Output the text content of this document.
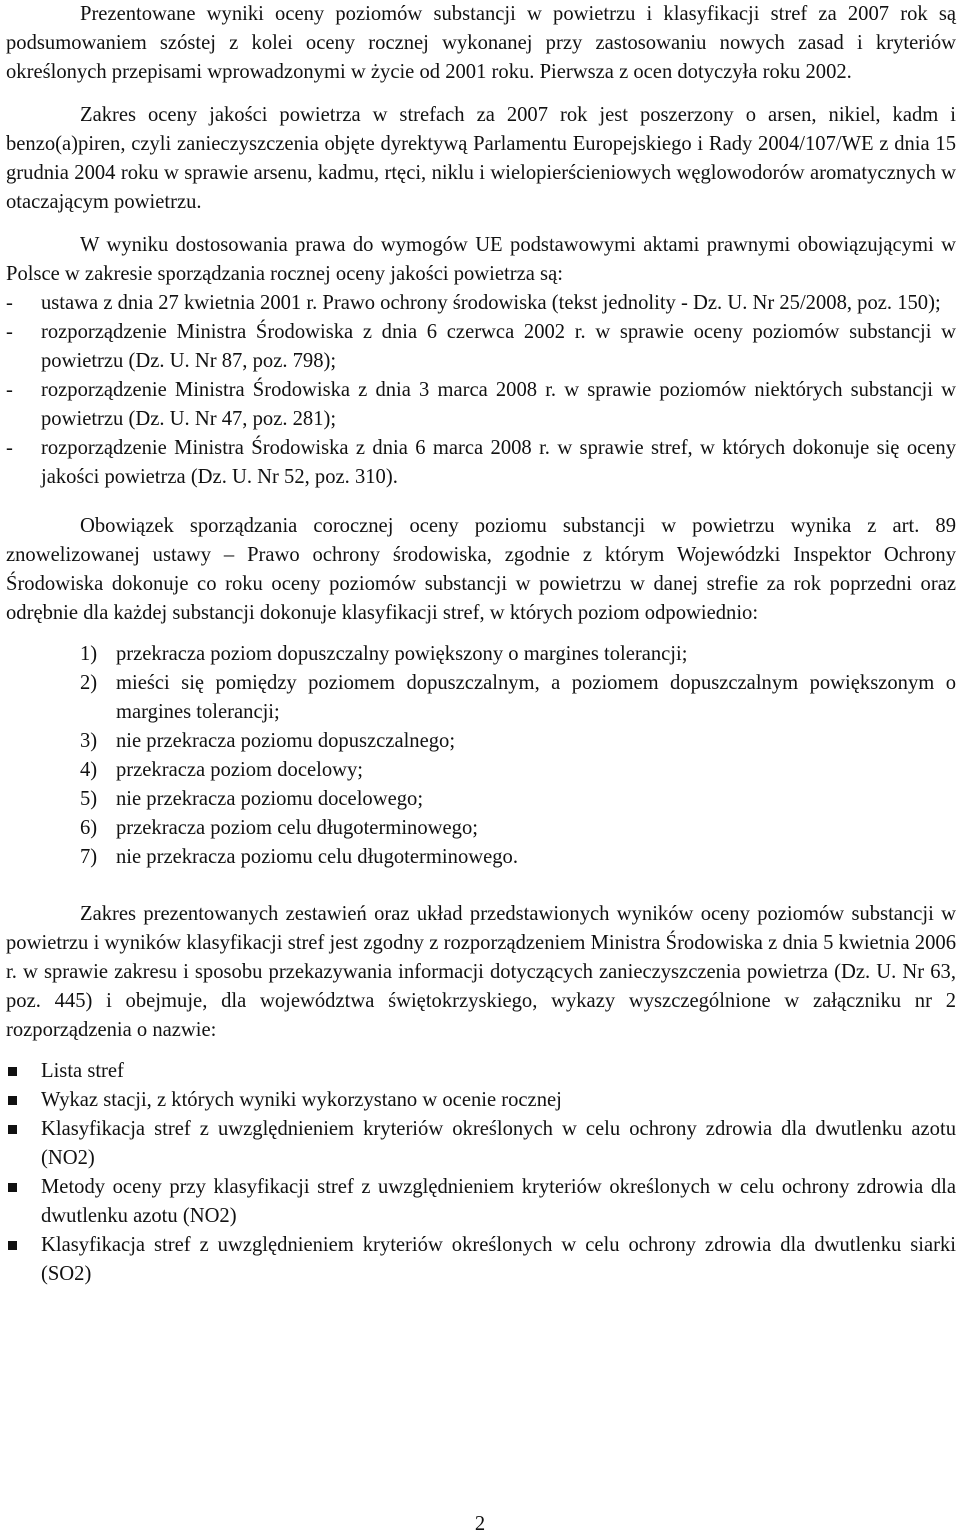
Prezentowane wyniki oceny poziomów substancji w powietrzu i klasyfikacji stref za 2007 rok są podsumowaniem szóstej z kolei oceny rocznej wykonanej przy zastosowaniu nowych zasad i kryteriów określonych przepisami wprowadzonymi w życie od 2001 roku. Pierwsza z ocen dotyczyła roku 2002.

Zakres oceny jakości powietrza w strefach za 2007 rok jest poszerzony o arsen, nikiel, kadm i benzo(a)piren, czyli zanieczyszczenia objęte dyrektywą Parlamentu Europejskiego i Rady 2004/107/WE z dnia 15 grudnia 2004 roku w sprawie arsenu, kadmu, rtęci, niklu i wielopierścieniowych węglowodorów aromatycznych w otaczającym powietrzu.

W wyniku dostosowania prawa do wymogów UE podstawowymi aktami prawnymi obowiązującymi w Polsce w zakresie sporządzania rocznej oceny jakości powietrza są:

- ustawa z dnia 27 kwietnia 2001 r. Prawo ochrony środowiska (tekst jednolity - Dz. U. Nr 25/2008, poz. 150);
- rozporządzenie Ministra Środowiska z dnia 6 czerwca 2002 r. w sprawie oceny poziomów substancji w powietrzu (Dz. U. Nr 87, poz. 798);
- rozporządzenie Ministra Środowiska z dnia 3 marca 2008 r. w sprawie poziomów niektórych substancji w powietrzu (Dz. U. Nr 47, poz. 281);
- rozporządzenie Ministra Środowiska z dnia 6 marca 2008 r. w sprawie stref, w których dokonuje się oceny jakości powietrza (Dz. U. Nr 52, poz. 310).

Obowiązek sporządzania corocznej oceny poziomu substancji w powietrzu wynika z art. 89 znowelizowanej ustawy – Prawo ochrony środowiska, zgodnie z którym Wojewódzki Inspektor Ochrony Środowiska dokonuje co roku oceny poziomów substancji w powietrzu w danej strefie za rok poprzedni oraz odrębnie dla każdej substancji dokonuje klasyfikacji stref, w których poziom odpowiednio:

1) przekracza poziom dopuszczalny powiększony o margines tolerancji;
2) mieści się pomiędzy poziomem dopuszczalnym, a poziomem dopuszczalnym powiększonym o margines tolerancji;
3) nie przekracza poziomu dopuszczalnego;
4) przekracza poziom docelowy;
5) nie przekracza poziomu docelowego;
6) przekracza poziom celu długoterminowego;
7) nie przekracza poziomu celu długoterminowego.

Zakres prezentowanych zestawień oraz układ przedstawionych wyników oceny poziomów substancji w powietrzu i wyników klasyfikacji stref jest zgodny z rozporządzeniem Ministra Środowiska z dnia 5 kwietnia 2006 r. w sprawie zakresu i sposobu przekazywania informacji dotyczących zanieczyszczenia powietrza (Dz. U. Nr 63, poz. 445) i obejmuje, dla województwa świętokrzyskiego, wykazy wyszczególnione w załączniku nr 2 rozporządzenia o nazwie:

Lista stref
Wykaz stacji, z których wyniki wykorzystano w ocenie rocznej
Klasyfikacja stref z uwzględnieniem kryteriów określonych w celu ochrony zdrowia dla dwutlenku azotu (NO2)
Metody oceny przy klasyfikacji stref z uwzględnieniem kryteriów określonych w celu ochrony zdrowia dla dwutlenku azotu (NO2)
Klasyfikacja stref z uwzględnieniem kryteriów określonych w celu ochrony zdrowia dla dwutlenku siarki (SO2)
2
